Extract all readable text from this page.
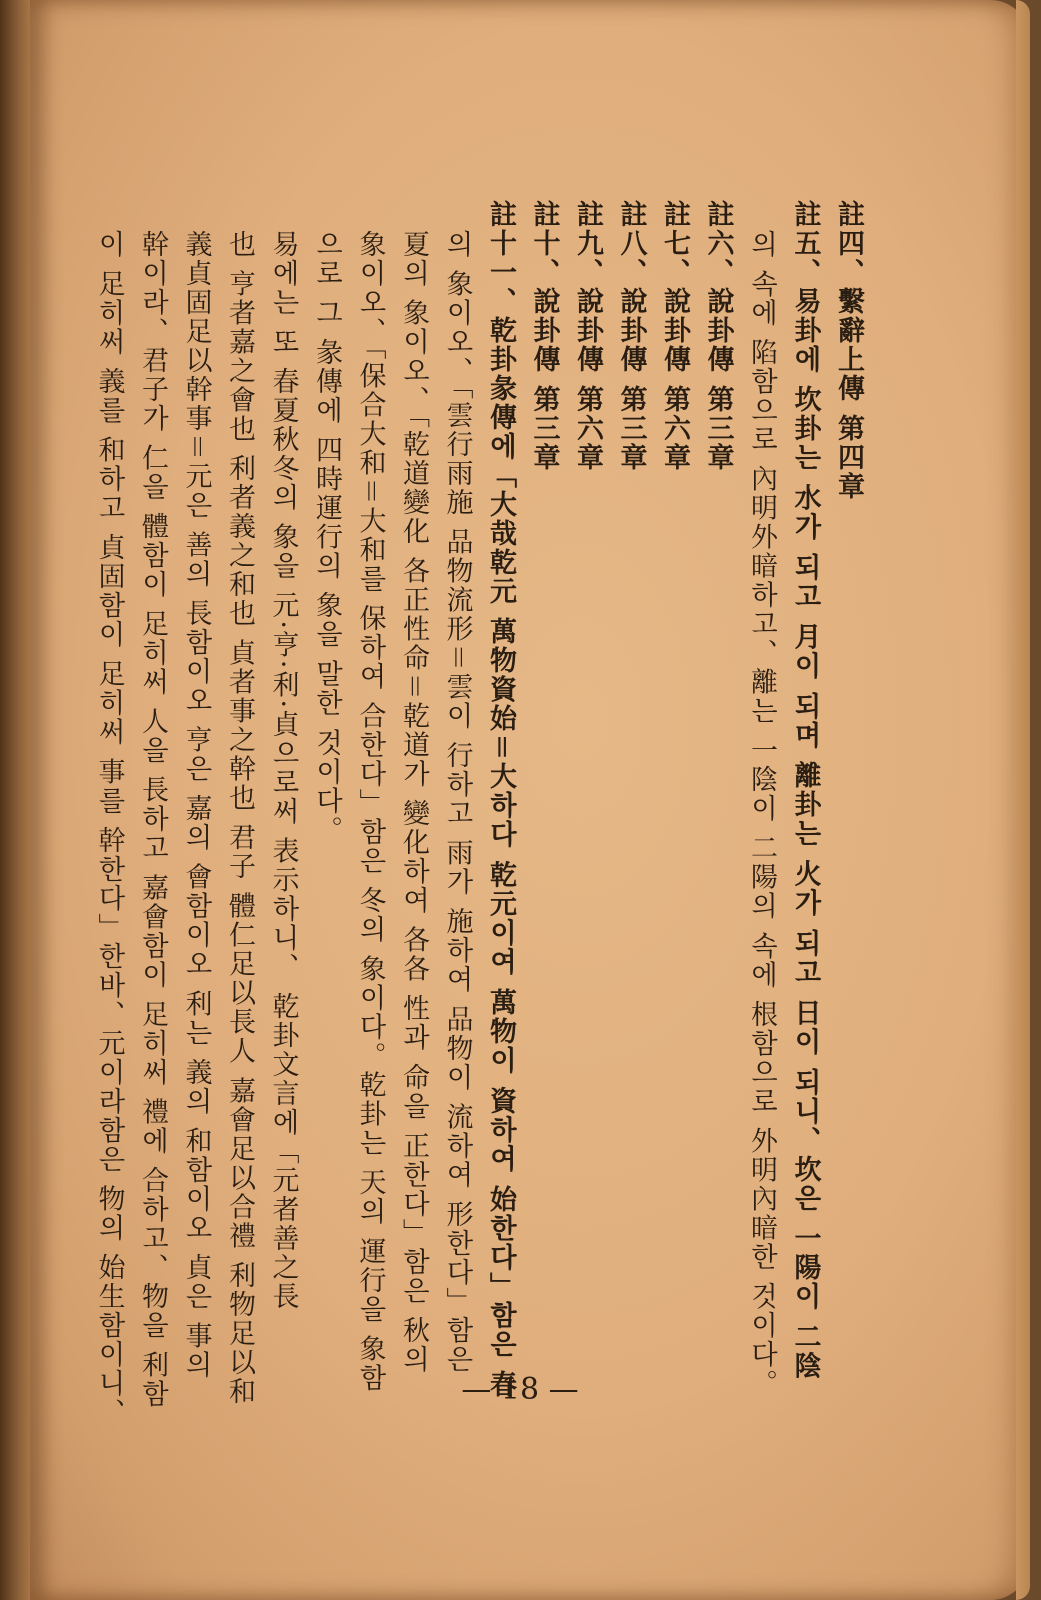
註四、繫辭上傳 第四章
註五、易卦에 坎卦는 水가 되고 月이 되며 離卦는 火가 되고 日이 되니、坎은 一陽이 二陰
의 속에 陷함으로 內明外暗하고、離는 一陰이 二陽의 속에 根함으로 外明內暗한 것이다。
註六、說卦傳 第三章
註七、說卦傳 第六章
註八、說卦傳 第三章
註九、說卦傳 第六章
註十、說卦傳 第三章
註十一、乾卦彖傳에「大哉乾元 萬物資始＝大하다 乾元이여 萬物이 資하여 始한다」함은 春
의 象이오、「雲行雨施 品物流形＝雲이 行하고 雨가 施하여 品物이 流하여 形한다」함은
夏의 象이오、「乾道變化 各正性命＝乾道가 變化하여 各各 性과 命을 正한다」함은 秋의
象이오、「保合大和＝大和를 保하여 合한다」함은 冬의 象이다。乾卦는 天의 運行을 象함
으로 그 彖傳에 四時運行의 象을 말한 것이다。
易에는 또 春夏秋冬의 象을 元·亨·利·貞으로써 表示하니、 乾卦文言에「元者善之長
也 亨者嘉之會也 利者義之和也 貞者事之幹也 君子 體仁足以長人 嘉會足以合禮 利物足以和
義貞固足以幹事＝元은 善의 長함이오 亨은 嘉의 會함이오 利는 義의 和함이오 貞은 事의
幹이라、君子가 仁을 體함이 足히써 人을 長하고 嘉會함이 足히써 禮에 合하고、物을 利함
이 足히써 義를 和하고 貞固함이 足히써 事를 幹한다」한바、元이라함은 物의 始生함이니、	— 18 —
